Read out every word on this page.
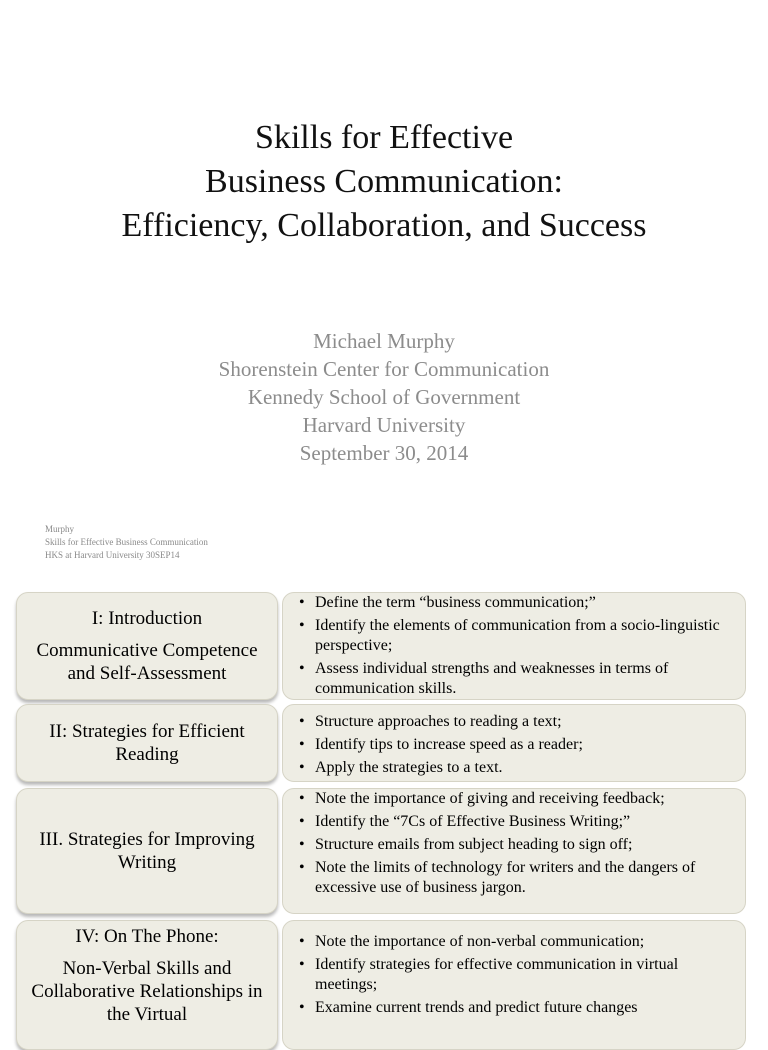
Skills for Effective
Business Communication:
Efficiency, Collaboration, and Success
Michael Murphy
Shorenstein Center for Communication
Kennedy School of Government
Harvard University
September 30, 2014
Murphy
Skills for Effective Business Communication
HKS at Harvard University 30SEP14
I: Introduction
Communicative Competence and Self-Assessment
• Define the term “business communication;”
• Identify the elements of communication from a socio-linguistic perspective;
• Assess individual strengths and weaknesses in terms of communication skills.
II: Strategies for Efficient Reading
• Structure approaches to reading a text;
• Identify tips to increase speed as a reader;
• Apply the strategies to a text.
III. Strategies for Improving Writing
• Note the importance of giving and receiving feedback;
• Identify the “7Cs of Effective Business Writing;”
• Structure emails from subject heading to sign off;
• Note the limits of technology for writers and the dangers of excessive use of business jargon.
IV: On The Phone:
Non-Verbal Skills and Collaborative Relationships in the Virtual
• Note the importance of non-verbal communication;
• Identify strategies for effective communication in virtual meetings;
• Examine current trends and predict future changes
